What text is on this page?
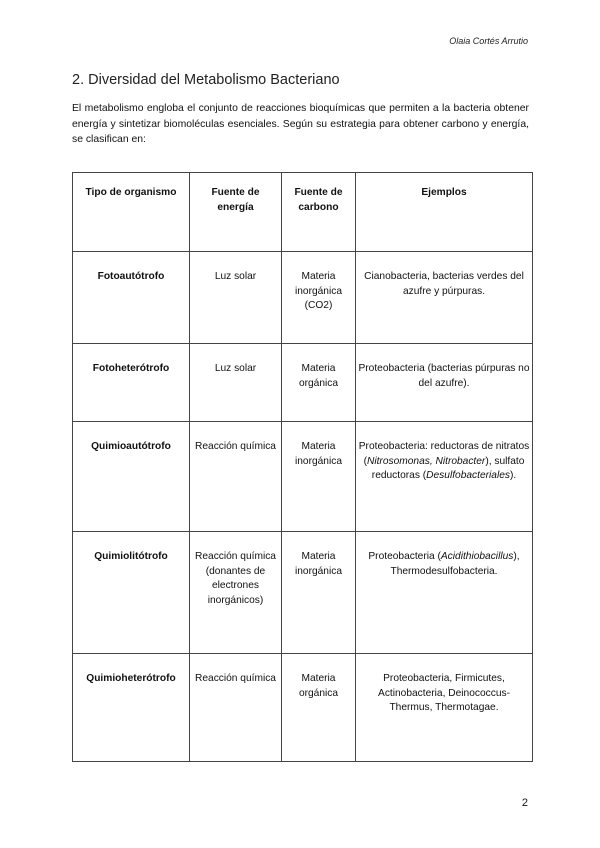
Olaia Cortés Arrutio
2. Diversidad del Metabolismo Bacteriano

El metabolismo engloba el conjunto de reacciones bioquímicas que permiten a la bacteria obtener energía y sintetizar biomoléculas esenciales. Según su estrategia para obtener carbono y energía, se clasifican en:

Tipo de organismo	Fuente de energía	Fuente de carbono	Ejemplos
Fotoautótrofo	Luz solar	Materia inorgánica (CO2)	Cianobacteria, bacterias verdes del azufre y púrpuras.
Fotoheterótrofo	Luz solar	Materia orgánica	Proteobacteria (bacterias púrpuras no del azufre).
Quimioautótrofo	Reacción química	Materia inorgánica	Proteobacteria: reductoras de nitratos (Nitrosomonas, Nitrobacter), sulfato reductoras (Desulfobacteriales).
Quimiolitótrofo	Reacción química (donantes de electrones inorgánicos)	Materia inorgánica	Proteobacteria (Acidithiobacillus), Thermodesulfobacteria.
Quimioheterótrofo	Reacción química	Materia orgánica	Proteobacteria, Firmicutes, Actinobacteria, Deinococcus-Thermus, Thermotagae.
2
